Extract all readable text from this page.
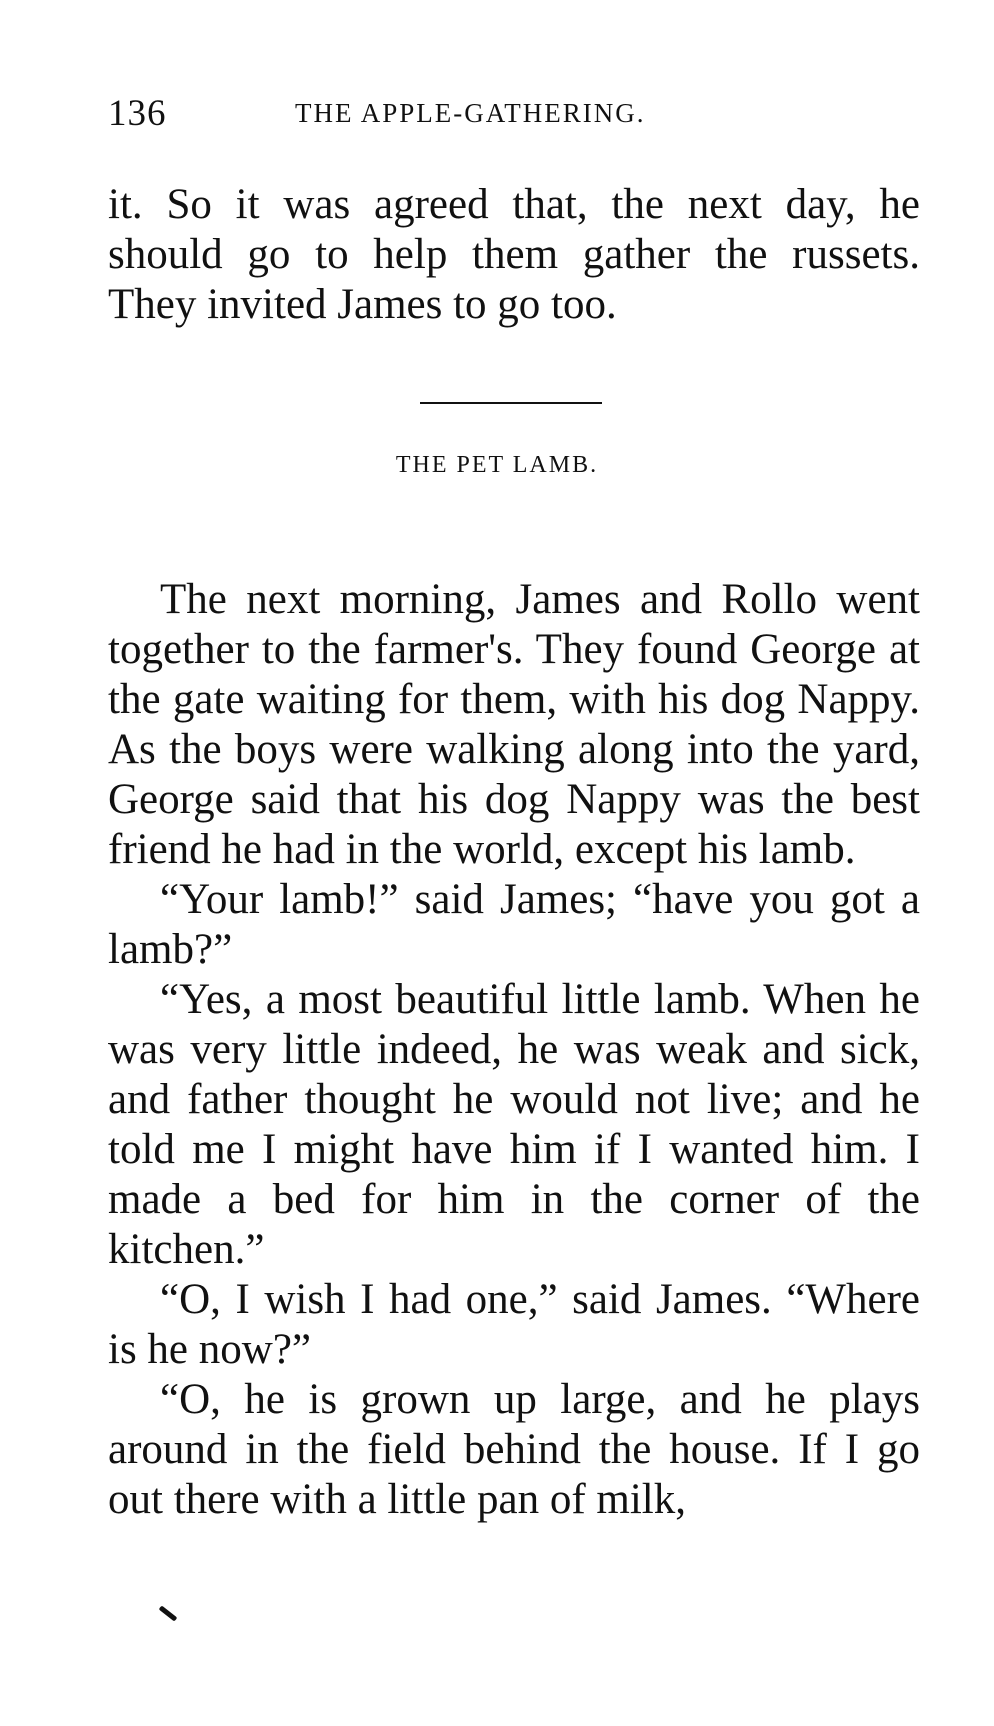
136	THE APPLE-GATHERING.

it. So it was agreed that, the next day, he should go to help them gather the russets. They invited James to go too.

THE PET LAMB.

The next morning, James and Rollo went together to the farmer's. They found George at the gate waiting for them, with his dog Nappy. As the boys were walking along into the yard, George said that his dog Nappy was the best friend he had in the world, except his lamb.

“Your lamb!” said James; “have you got a lamb?”

“Yes, a most beautiful little lamb. When he was very little indeed, he was weak and sick, and father thought he would not live; and he told me I might have him if I wanted him. I made a bed for him in the corner of the kitchen.”

“O, I wish I had one,” said James. “Where is he now?”

“O, he is grown up large, and he plays around in the field behind the house. If I go out there with a little pan of milk,
